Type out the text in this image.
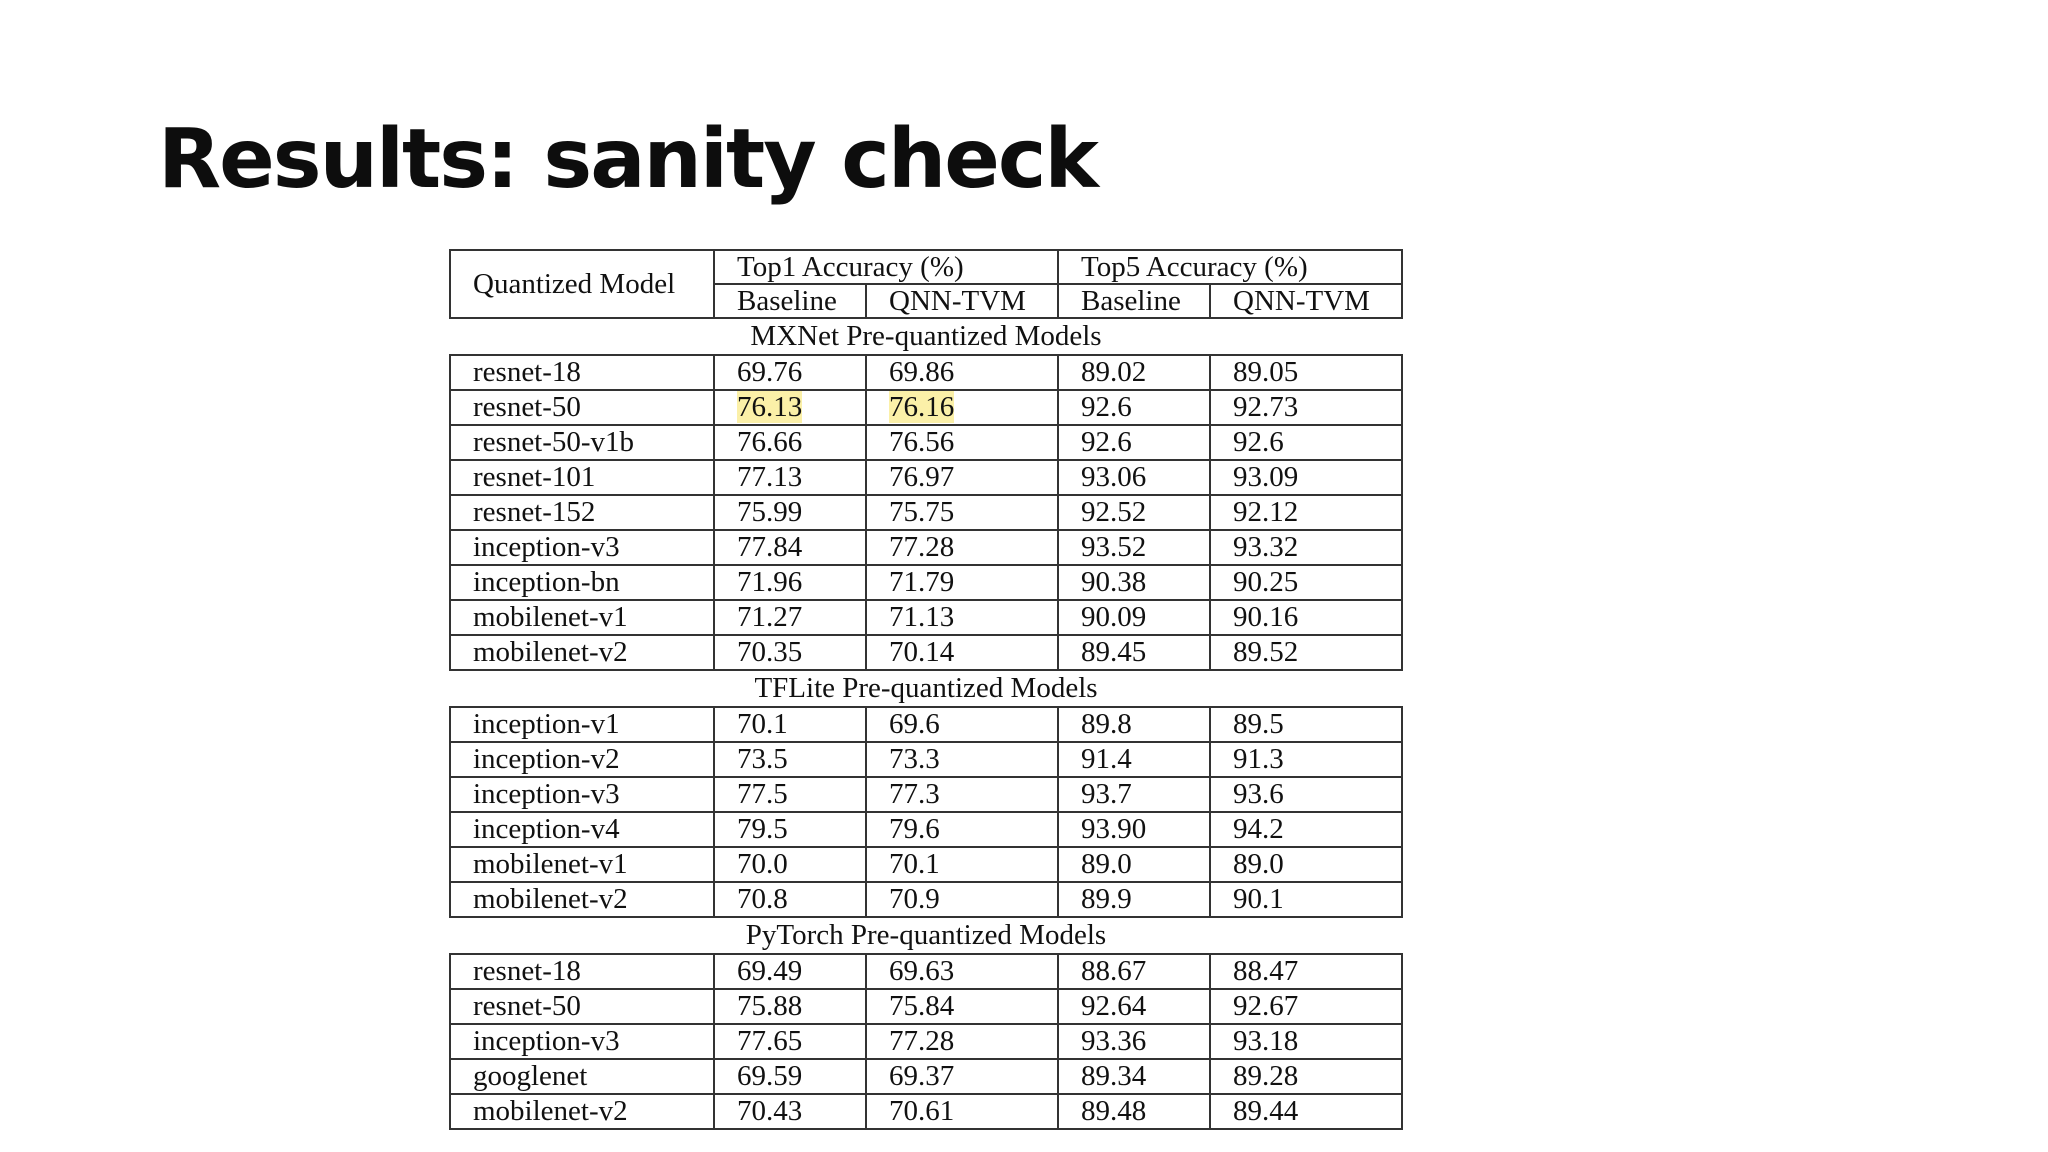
Results: sanity check
Quantized Model	Top1 Accuracy (%)		Top5 Accuracy (%)	
	Baseline	QNN-TVM	Baseline	QNN-TVM
MXNet Pre-quantized Models				
resnet-18	69.76	69.86	89.02	89.05
resnet-50	76.13	76.16	92.6	92.73
resnet-50-v1b	76.66	76.56	92.6	92.6
resnet-101	77.13	76.97	93.06	93.09
resnet-152	75.99	75.75	92.52	92.12
inception-v3	77.84	77.28	93.52	93.32
inception-bn	71.96	71.79	90.38	90.25
mobilenet-v1	71.27	71.13	90.09	90.16
mobilenet-v2	70.35	70.14	89.45	89.52
TFLite Pre-quantized Models				
inception-v1	70.1	69.6	89.8	89.5
inception-v2	73.5	73.3	91.4	91.3
inception-v3	77.5	77.3	93.7	93.6
inception-v4	79.5	79.6	93.90	94.2
mobilenet-v1	70.0	70.1	89.0	89.0
mobilenet-v2	70.8	70.9	89.9	90.1
PyTorch Pre-quantized Models				
resnet-18	69.49	69.63	88.67	88.47
resnet-50	75.88	75.84	92.64	92.67
inception-v3	77.65	77.28	93.36	93.18
googlenet	69.59	69.37	89.34	89.28
mobilenet-v2	70.43	70.61	89.48	89.44
